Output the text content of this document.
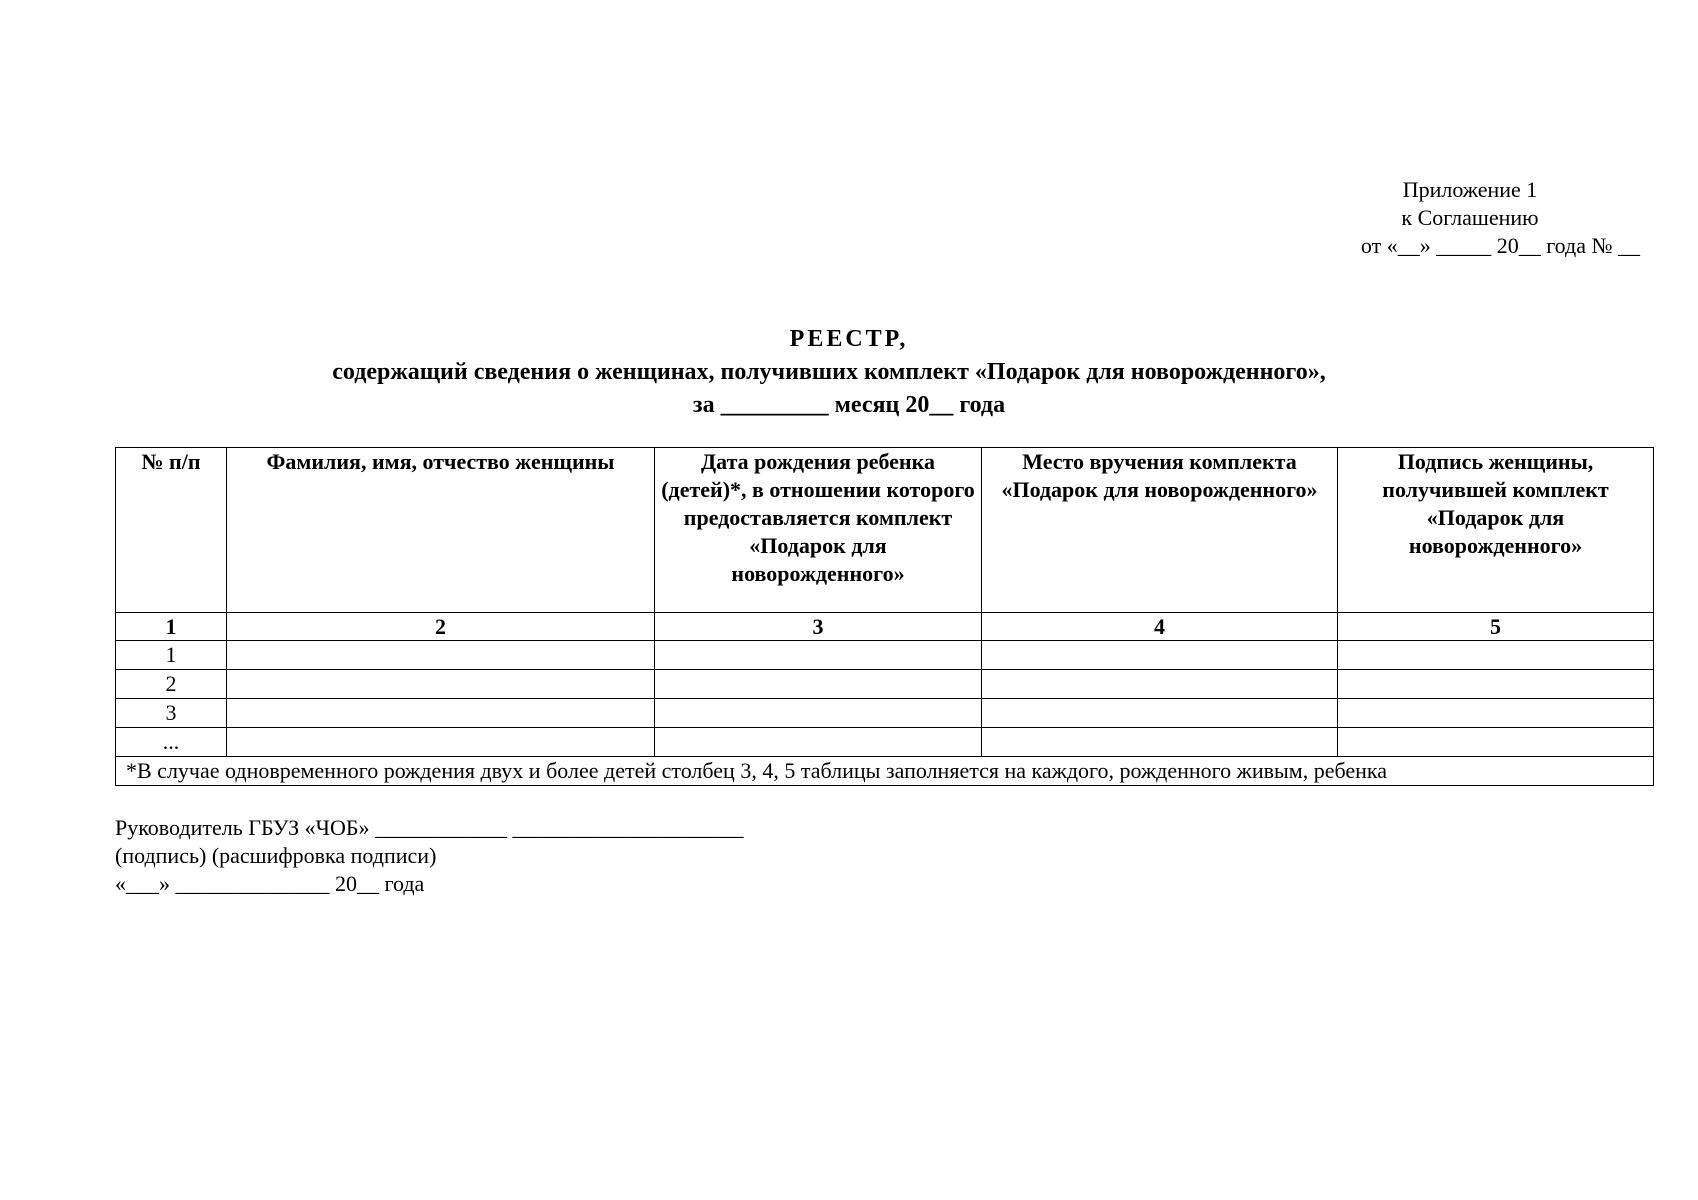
Приложение 1
к Соглашению
от «__» _____ 20__ года № __
РЕЕСТР,
содержащий сведения о женщинах, получивших комплект «Подарок для новорожденного»,
за _________ месяц 20__ года
№ п/п	Фамилия, имя, отчество женщины	Дата рождения ребенка (детей)*, в отношении которого предоставляется комплект «Подарок для новорожденного»	Место вручения комплекта «Подарок для новорожденного»	Подпись женщины, получившей комплект «Подарок для новорожденного»
1	2	3	4	5
1				
2				
3				
...				
*В случае одновременного рождения двух и более детей столбец 3, 4, 5 таблицы заполняется на каждого, рожденного живым, ребенка				
Руководитель ГБУЗ «ЧОБ» ____________ _____________________
(подпись) (расшифровка подписи)
«___» ______________ 20__ года
